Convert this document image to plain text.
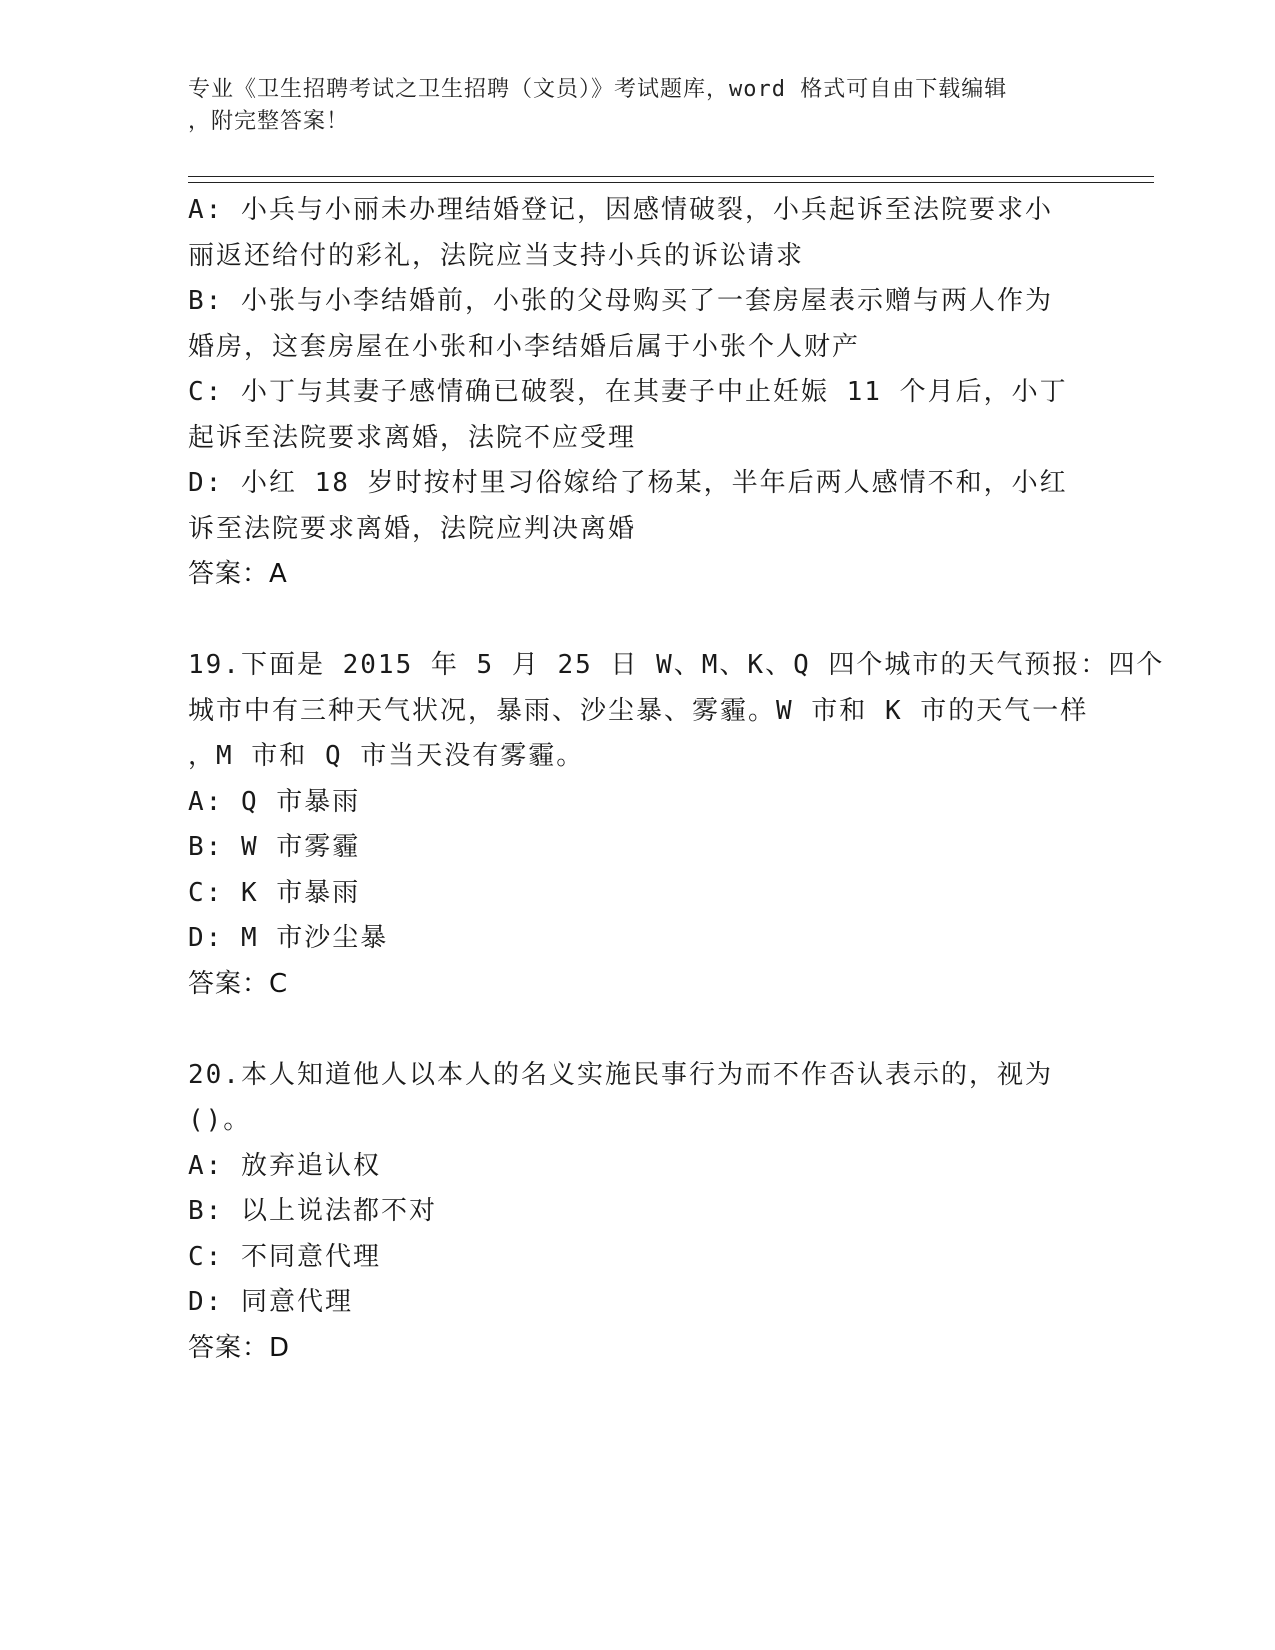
专业《卫生招聘考试之卫生招聘（文员）》考试题库，word 格式可自由下载编辑
，附完整答案！
A: 小兵与小丽未办理结婚登记，因感情破裂，小兵起诉至法院要求小
丽返还给付的彩礼，法院应当支持小兵的诉讼请求
B: 小张与小李结婚前，小张的父母购买了一套房屋表示赠与两人作为
婚房，这套房屋在小张和小李结婚后属于小张个人财产
C: 小丁与其妻子感情确已破裂，在其妻子中止妊娠 11 个月后，小丁
起诉至法院要求离婚，法院不应受理
D: 小红 18 岁时按村里习俗嫁给了杨某，半年后两人感情不和，小红
诉至法院要求离婚，法院应判决离婚
答案：A
19.下面是 2015 年 5 月 25 日 W、M、K、Q 四个城市的天气预报：四个
城市中有三种天气状况，暴雨、沙尘暴、雾霾。W 市和 K 市的天气一样
，M 市和 Q 市当天没有雾霾。
A: Q 市暴雨
B: W 市雾霾
C: K 市暴雨
D: M 市沙尘暴
答案：C
20.本人知道他人以本人的名义实施民事行为而不作否认表示的，视为
()。
A: 放弃追认权
B: 以上说法都不对
C: 不同意代理
D: 同意代理
答案：D
